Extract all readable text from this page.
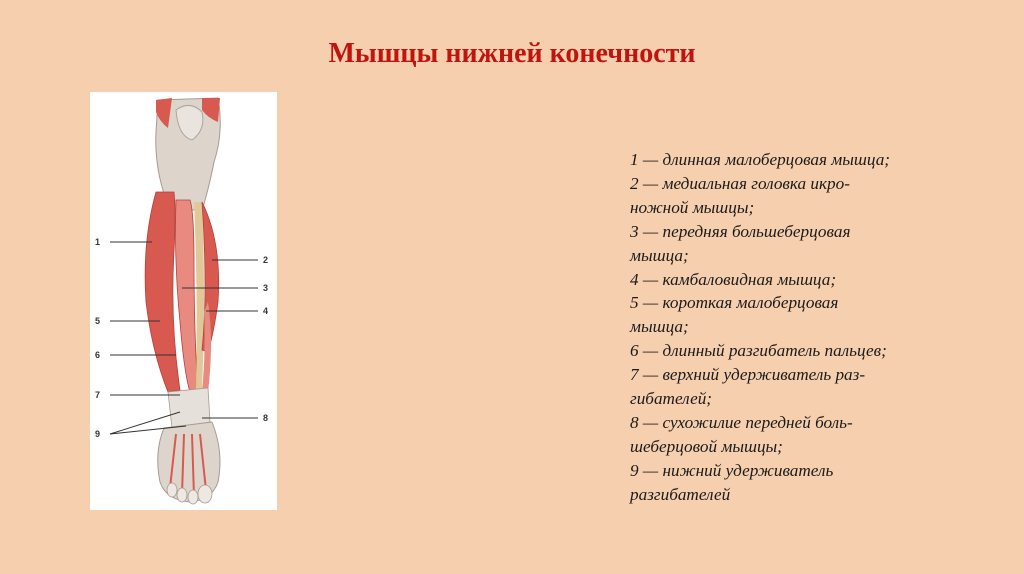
Мышцы нижней конечности
1
2
3
4
5
6
7
8
9
1 — длинная малоберцовая мышца;
2 — медиальная головка икро-
ножной мышцы;
3 — передняя большеберцовая
мышца;
4 — камбаловидная мышца;
5 — короткая малоберцовая
мышца;
6 — длинный разгибатель пальцев;
7 — верхний удерживатель раз-
гибателей;
8 — сухожилие передней боль-
шеберцовой мышцы;
9 — нижний удерживатель
разгибателей
